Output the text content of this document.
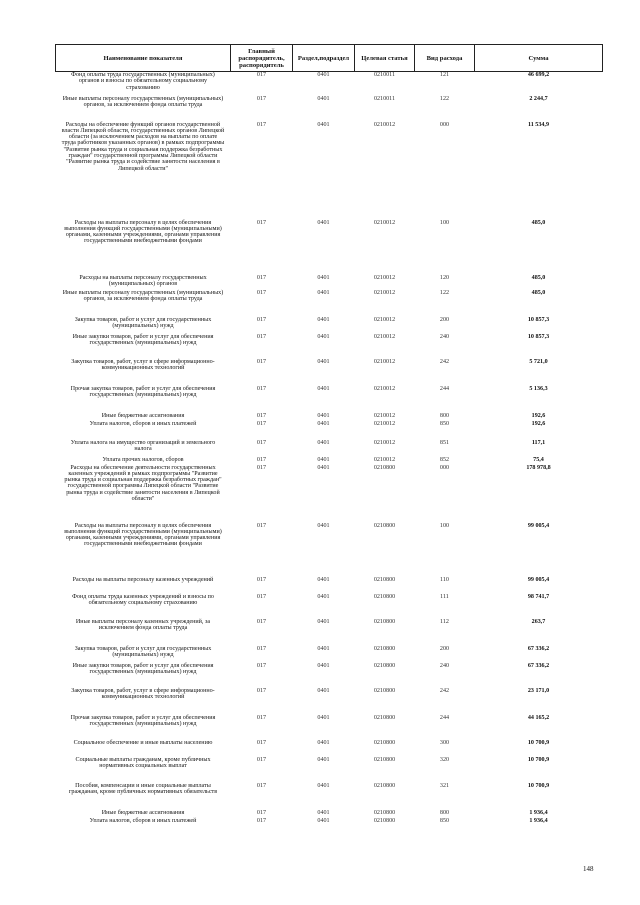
Наименование показателя	Главный распорядитель, распорядитель	Раздел,подраздел	Целевая статья	Вид расхода	Сумма
Фонд оплаты труда государственных (муниципальных) органов и взносы по обязательному социальному страхованию	017	0401	0210011	121	46 699,2
Иные выплаты персоналу государственных (муниципальных) органов, за исключением фонда оплаты труда	017	0401	0210011	122	2 244,7
Расходы на обеспечение функций органов государственной власти Липецкой области, государственных органов Липецкой области (за исключением расходов на выплаты по оплате труда работников указанных органов) в рамках подпрограммы "Развитие рынка труда и социальная поддержка безработных граждан" государственной программы Липецкой области "Развитие рынка труда и содействие занятости населения в Липецкой области"	017	0401	0210012	000	11 534,9
Расходы на выплаты персоналу в целях обеспечения выполнения функций государственными (муниципальными) органами, казенными учреждениями, органами управления государственными внебюджетными фондами	017	0401	0210012	100	485,0
Расходы на выплаты персоналу государственных (муниципальных) органов	017	0401	0210012	120	485,0
Иные выплаты персоналу государственных (муниципальных) органов, за исключением фонда оплаты труда	017	0401	0210012	122	485,0
Закупка товаров, работ и услуг для государственных (муниципальных) нужд	017	0401	0210012	200	10 857,3
Иные закупки товаров, работ и услуг для обеспечения государственных (муниципальных) нужд	017	0401	0210012	240	10 857,3
Закупка товаров, работ, услуг в сфере информационно-коммуникационных технологий	017	0401	0210012	242	5 721,0
Прочая закупка товаров, работ и услуг для обеспечения государственных (муниципальных) нужд	017	0401	0210012	244	5 136,3
Иные бюджетные ассигнования	017	0401	0210012	800	192,6
Уплата налогов, сборов и иных платежей	017	0401	0210012	850	192,6
Уплата налога на имущество организаций и земельного налога	017	0401	0210012	851	117,1
Уплата прочих налогов, сборов	017	0401	0210012	852	75,4
Расходы на обеспечение деятельности государственных казенных учреждений в рамках подпрограммы "Развитие рынка труда и социальная поддержка безработных граждан" государственной программы Липецкой области "Развитие рынка труда и содействие занятости населения в Липецкой области"	017	0401	0210800	000	178 978,8
Расходы на выплаты персоналу в целях обеспечения выполнения функций государственными (муниципальными) органами, казенными учреждениями, органами управления государственными внебюджетными фондами	017	0401	0210800	100	99 005,4
Расходы на выплаты персоналу казенных учреждений	017	0401	0210800	110	99 005,4
Фонд оплаты труда казенных учреждений и взносы по обязательному социальному страхованию	017	0401	0210800	111	98 741,7
Иные выплаты персоналу казенных учреждений, за исключением фонда оплаты труда	017	0401	0210800	112	263,7
Закупка товаров, работ и услуг для государственных (муниципальных) нужд	017	0401	0210800	200	67 336,2
Иные закупки товаров, работ и услуг для обеспечения государственных (муниципальных) нужд	017	0401	0210800	240	67 336,2
Закупка товаров, работ, услуг в сфере информационно-коммуникационных технологий	017	0401	0210800	242	23 171,0
Прочая закупка товаров, работ и услуг для обеспечения государственных (муниципальных) нужд	017	0401	0210800	244	44 165,2
Социальное обеспечение и иные выплаты населению	017	0401	0210800	300	10 700,9
Социальные выплаты гражданам, кроме публичных нормативных социальных выплат	017	0401	0210800	320	10 700,9
Пособия, компенсации и иные социальные выплаты гражданам, кроме публичных нормативных обязательств	017	0401	0210800	321	10 700,9
Иные бюджетные ассигнования	017	0401	0210800	800	1 936,4
Уплата налогов, сборов и иных платежей	017	0401	0210800	850	1 936,4
148
